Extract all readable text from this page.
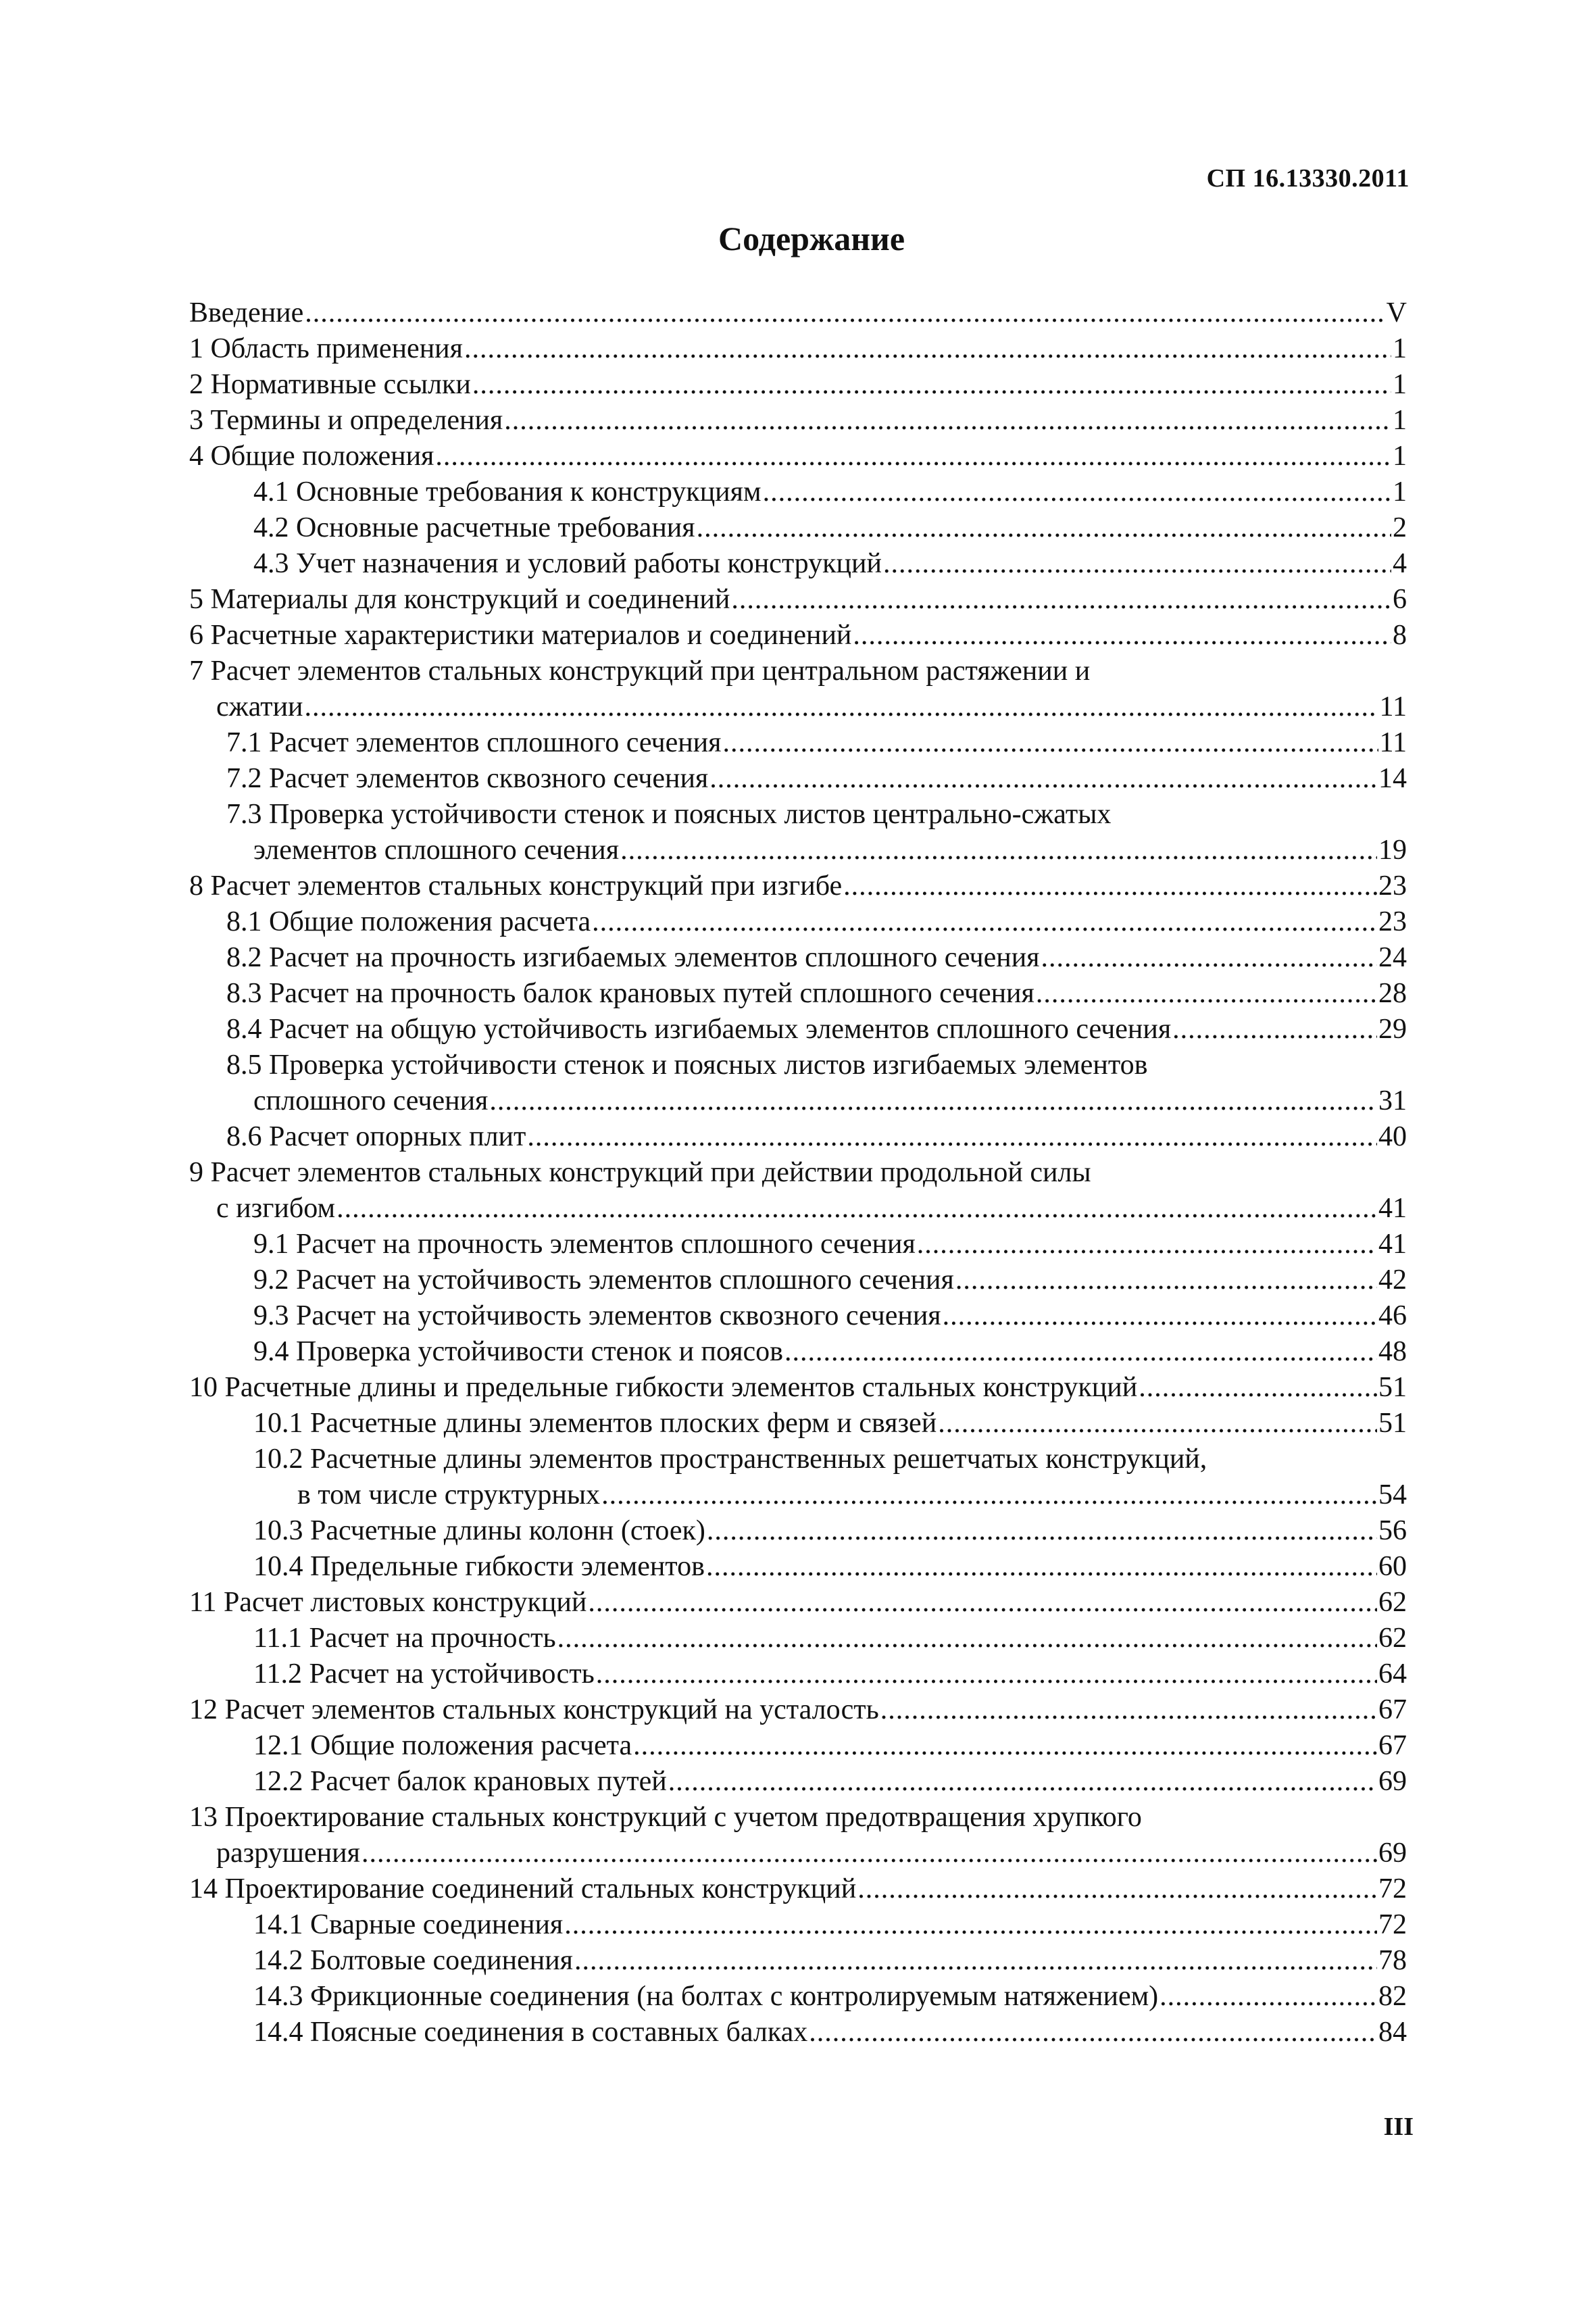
СП 16.13330.2011
Содержание
Введение .....	V
1 Область применения .....	1
2 Нормативные ссылки .....	1
3 Термины и определения .....	1
4 Общие положения .....	1
4.1 Основные требования к конструкциям .....	1
4.2 Основные расчетные требования .....	2
4.3 Учет назначения и условий работы конструкций .....	4
5 Материалы для конструкций и соединений .....	6
6 Расчетные характеристики материалов и соединений .....	8
7 Расчет элементов стальных конструкций при центральном растяжении и
сжатии .....	11
7.1 Расчет элементов сплошного сечения .....	11
7.2 Расчет элементов сквозного сечения .....	14
7.3 Проверка устойчивости стенок и поясных листов центрально-сжатых
элементов сплошного сечения .....	19
8 Расчет элементов стальных конструкций при изгибе .....	23
8.1 Общие положения расчета .....	23
8.2 Расчет на прочность изгибаемых элементов сплошного сечения .....	24
8.3 Расчет на прочность балок крановых путей сплошного сечения .....	28
8.4 Расчет на общую устойчивость изгибаемых элементов сплошного сечения .....	29
8.5 Проверка устойчивости стенок и поясных листов изгибаемых элементов
сплошного сечения .....	31
8.6 Расчет опорных плит .....	40
9 Расчет элементов стальных конструкций при действии продольной силы
с изгибом .....	41
9.1 Расчет на прочность элементов сплошного сечения .....	41
9.2 Расчет на устойчивость элементов сплошного сечения .....	42
9.3 Расчет на устойчивость элементов сквозного сечения .....	46
9.4 Проверка устойчивости стенок и поясов .....	48
10 Расчетные длины и предельные гибкости элементов стальных конструкций .....	51
10.1 Расчетные длины элементов плоских ферм и связей .....	51
10.2 Расчетные длины элементов пространственных решетчатых конструкций,
в том числе структурных .....	54
10.3 Расчетные длины колонн (стоек) .....	56
10.4 Предельные гибкости элементов .....	60
11 Расчет листовых конструкций .....	62
11.1 Расчет на прочность .....	62
11.2 Расчет на устойчивость .....	64
12 Расчет элементов стальных конструкций на усталость .....	67
12.1 Общие положения расчета .....	67
12.2 Расчет балок крановых путей .....	69
13 Проектирование стальных конструкций с учетом предотвращения хрупкого
разрушения .....	69
14 Проектирование соединений стальных конструкций .....	72
14.1 Сварные соединения .....	72
14.2 Болтовые соединения .....	78
14.3 Фрикционные соединения (на болтах с контролируемым натяжением) .....	82
14.4 Поясные соединения в составных балках .....	84
III
